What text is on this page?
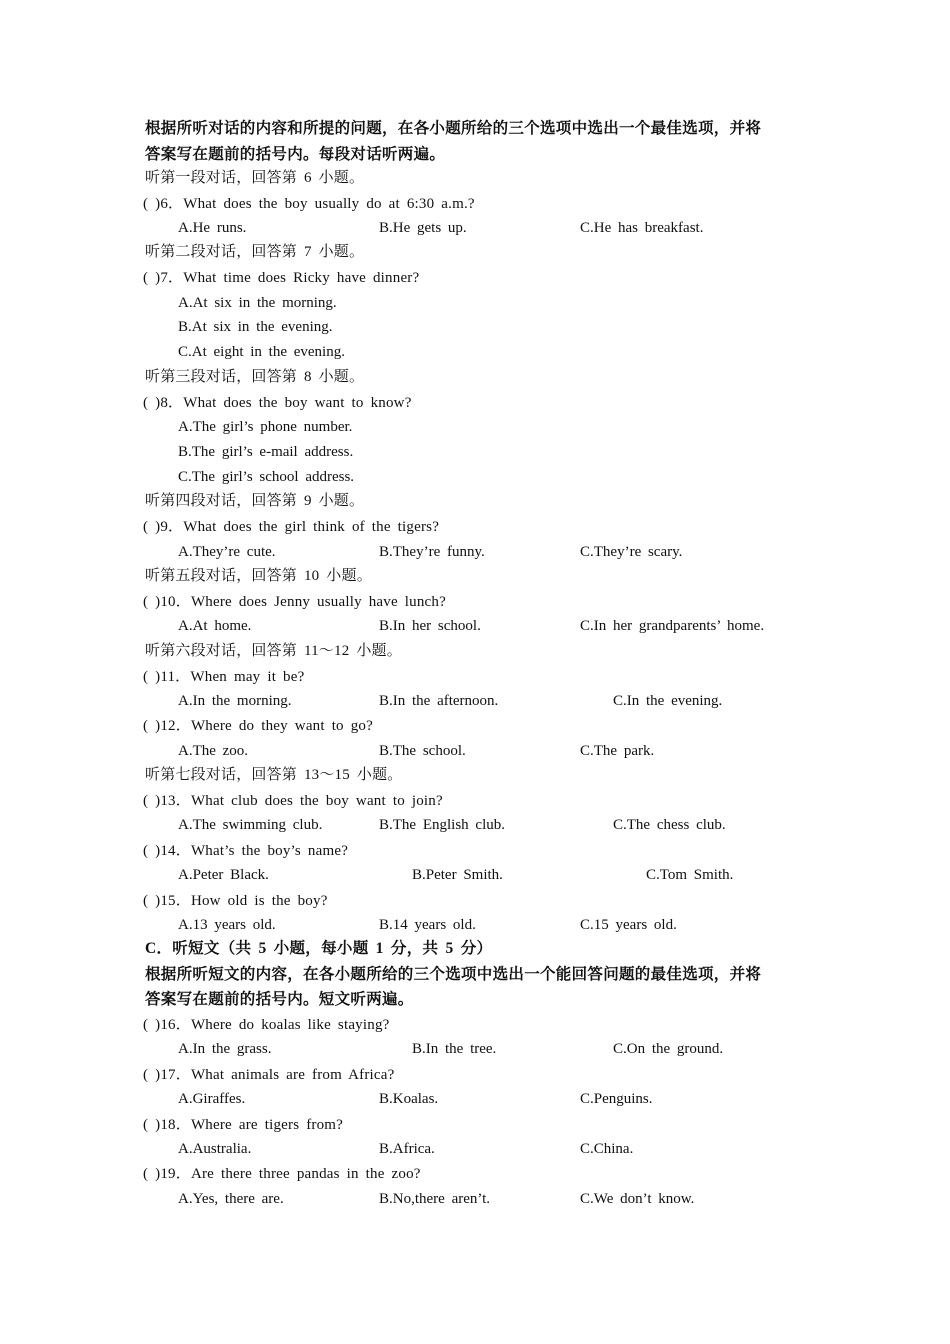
根据所听对话的内容和所提的问题，在各小题所给的三个选项中选出一个最佳选项，并将
答案写在题前的括号内。每段对话听两遍。
听第一段对话，回答第 6 小题。
( )6．What does the boy usually do at 6:30 a.m.?
A.He runs.	B.He gets up.	C.He has breakfast.
听第二段对话，回答第 7 小题。
( )7．What time does Ricky have dinner?
A.At six in the morning.
B.At six in the evening.
C.At eight in the evening.
听第三段对话，回答第 8 小题。
( )8．What does the boy want to know?
A.The girl’s phone number.
B.The girl’s e-mail address.
C.The girl’s school address.
听第四段对话，回答第 9 小题。
( )9．What does the girl think of the tigers?
A.They’re cute.	B.They’re funny.	C.They’re scary.
听第五段对话，回答第 10 小题。
( )10．Where does Jenny usually have lunch?
A.At home.	B.In her school.	C.In her grandparents’ home.
听第六段对话，回答第 11～12 小题。
( )11．When may it be?
A.In the morning.	B.In the afternoon.	C.In the evening.
( )12．Where do they want to go?
A.The zoo.	B.The school.	C.The park.
听第七段对话，回答第 13～15 小题。
( )13．What club does the boy want to join?
A.The swimming club.	B.The English club.	C.The chess club.
( )14．What’s the boy’s name?
A.Peter Black.	B.Peter Smith.	C.Tom Smith.
( )15．How old is the boy?
A.13 years old.	B.14 years old.	C.15 years old.
C．听短文（共 5 小题，每小题 1 分，共 5 分）
根据所听短文的内容，在各小题所给的三个选项中选出一个能回答问题的最佳选项，并将
答案写在题前的括号内。短文听两遍。
( )16．Where do koalas like staying?
A.In the grass.	B.In the tree.	C.On the ground.
( )17．What animals are from Africa?
A.Giraffes.	B.Koalas.	C.Penguins.
( )18．Where are tigers from?
A.Australia.	B.Africa.	C.China.
( )19．Are there three pandas in the zoo?
A.Yes, there are.	B.No,there aren’t.	C.We don’t know.
